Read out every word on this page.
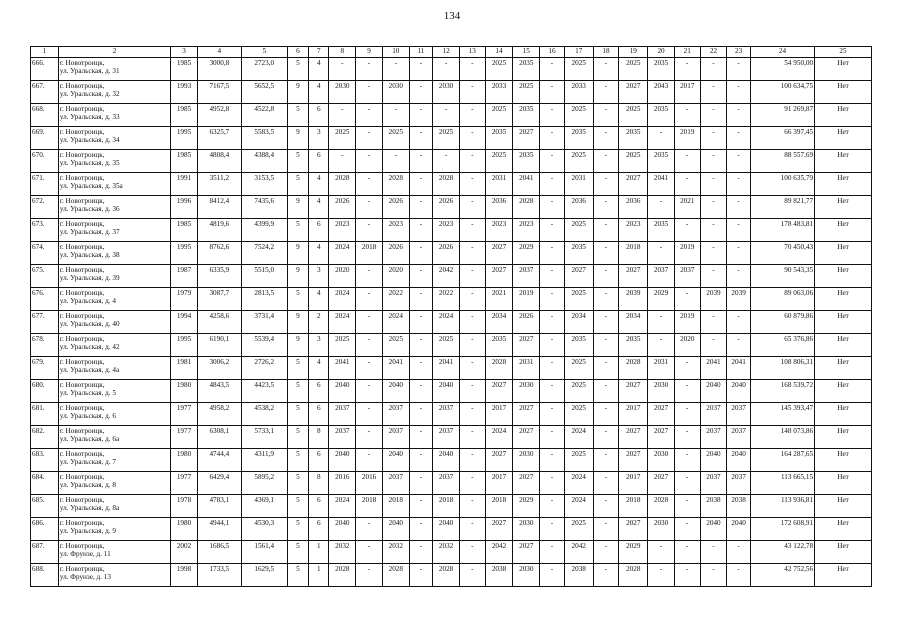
134
1	2	3	4	5	6	7	8	9	10	11	12	13	14	15	16	17	18	19	20	21	22	23	24	25
666.	г. Новотроицк,
ул. Уральская, д. 31	1985	3000,8	2723,0	5	4	-	-	-	-	-	-	2025	2035	-	2025	-	2025	2035	-	-	-	54 950,00	Нет
667.	г. Новотроицк,
ул. Уральская, д. 32	1993	7167,5	5652,5	9	4	2030	-	2030	-	2030	-	2033	2025	-	2033	-	2027	2043	2017	-	-	100 634,75	Нет
668.	г. Новотроицк,
ул. Уральская, д. 33	1985	4952,8	4522,8	5	6	-	-	-	-	-	-	2025	2035	-	2025	-	2025	2035	-	-	-	91 269,87	Нет
669.	г. Новотроицк,
ул. Уральская, д. 34	1995	6325,7	5583,5	9	3	2025	-	2025	-	2025	-	2035	2027	-	2035	-	2035	-	2019	-	-	66 397,45	Нет
670.	г. Новотроицк,
ул. Уральская, д. 35	1985	4808,4	4388,4	5	6	-	-	-	-	-	-	2025	2035	-	2025	-	2025	2035	-	-	-	88 557,69	Нет
671.	г. Новотроицк,
ул. Уральская, д. 35а	1991	3511,2	3153,5	5	4	2028	-	2028	-	2028	-	2031	2041	-	2031	-	2027	2041	-	-	-	100 635,79	Нет
672.	г. Новотроицк,
ул. Уральская, д. 36	1996	8412,4	7435,6	9	4	2026	-	2026	-	2026	-	2036	2028	-	2036	-	2036	-	2021	-	-	89 821,77	Нет
673.	г. Новотроицк,
ул. Уральская, д. 37	1985	4819,6	4399,9	5	6	2023	-	2023	-	2023	-	2023	2023	-	2025	-	2023	2035	-	-	-	178 483,81	Нет
674.	г. Новотроицк,
ул. Уральская, д. 38	1995	8762,6	7524,2	9	4	2024	2018	2026	-	2026	-	2027	2029	-	2035	-	2018	-	2019	-	-	70 450,43	Нет
675.	г. Новотроицк,
ул. Уральская, д. 39	1987	6335,9	5515,0	9	3	2020	-	2020	-	2042	-	2027	2037	-	2027	-	2027	2037	2037	-	-	90 543,35	Нет
676.	г. Новотроицк,
ул. Уральская, д. 4	1979	3087,7	2813,5	5	4	2024	-	2022	-	2022	-	2021	2019	-	2025	-	2039	2029	-	2039	2039	89 063,06	Нет
677.	г. Новотроицк,
ул. Уральская, д. 40	1994	4258,6	3731,4	9	2	2024	-	2024	-	2024	-	2034	2026	-	2034	-	2034	-	2019	-	-	60 879,86	Нет
678.	г. Новотроицк,
ул. Уральская, д. 42	1995	6190,1	5539,4	9	3	2025	-	2025	-	2025	-	2035	2027	-	2035	-	2035	-	2020	-	-	65 376,86	Нет
679.	г. Новотроицк,
ул. Уральская, д. 4а	1981	3006,2	2726,2	5	4	2041	-	2041	-	2041	-	2028	2031	-	2025	-	2028	2031	-	2041	2041	108 806,31	Нет
680.	г. Новотроицк,
ул. Уральская, д. 5	1980	4843,5	4423,5	5	6	2040	-	2040	-	2040	-	2027	2030	-	2025	-	2027	2030	-	2040	2040	168 539,72	Нет
681.	г. Новотроицк,
ул. Уральская, д. 6	1977	4958,2	4538,2	5	6	2037	-	2037	-	2037	-	2017	2027	-	2025	-	2017	2027	-	2037	2037	145 393,47	Нет
682.	г. Новотроицк,
ул. Уральская, д. 6а	1977	6308,1	5733,1	5	8	2037	-	2037	-	2037	-	2024	2027	-	2024	-	2027	2027	-	2037	2037	148 073,86	Нет
683.	г. Новотроицк,
ул. Уральская, д. 7	1980	4744,4	4311,9	5	6	2040	-	2040	-	2040	-	2027	2030	-	2025	-	2027	2030	-	2040	2040	164 287,65	Нет
684.	г. Новотроицк,
ул. Уральская, д. 8	1977	6429,4	5895,2	5	8	2016	2016	2037	-	2037	-	2017	2027	-	2024	-	2017	2027	-	2037	2037	113 665,15	Нет
685.	г. Новотроицк,
ул. Уральская, д. 8а	1978	4783,1	4369,1	5	6	2024	2018	2018	-	2018	-	2018	2029	-	2024	-	2018	2028	-	2038	2038	113 936,81	Нет
686.	г. Новотроицк,
ул. Уральская, д. 9	1980	4944,1	4530,3	5	6	2040	-	2040	-	2040	-	2027	2030	-	2025	-	2027	2030	-	2040	2040	172 608,91	Нет
687.	г. Новотроицк,
ул. Фрунзе, д. 11	2002	1686,5	1561,4	5	1	2032	-	2032	-	2032	-	2042	2027	-	2042	-	2029	-	-	-	-	43 122,78	Нет
688.	г. Новотроицк,
ул. Фрунзе, д. 13	1998	1733,5	1629,5	5	1	2028	-	2028	-	2028	-	2038	2030	-	2038	-	2028	-	-	-	-	42 752,56	Нет
